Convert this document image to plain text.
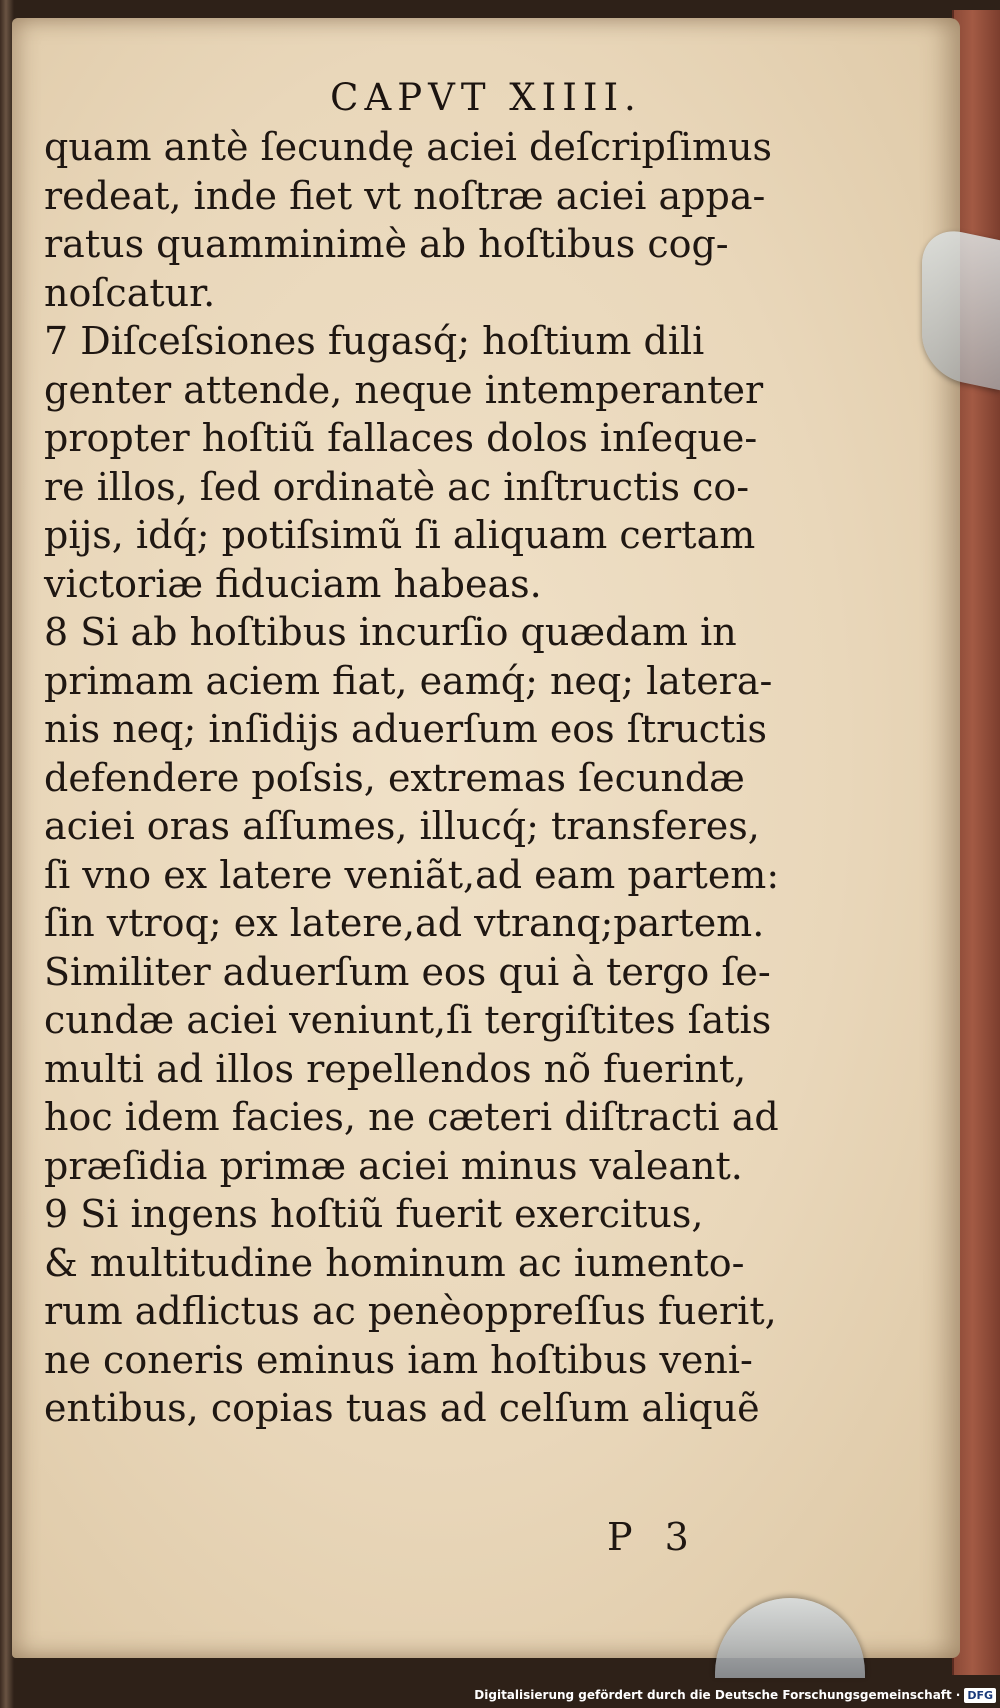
CAPVT XIIII.
quam antè ſecundę aciei deſcripſimus
redeat, inde fiet vt noſtræ aciei appa-
ratus quamminimè ab hoſtibus cog-
noſcatur.
7 Diſceſsiones fugasq́; hoſtium dili
genter attende, neque intemperanter
propter hoſtiũ fallaces dolos inſeque-
re illos, ſed ordinatè ac inſtructis co-
pijs, idq́; potiſsimũ ſi aliquam certam
victoriæ fiduciam habeas.
8 Si ab hoſtibus incurſio quædam in
primam aciem fiat, eamq́; neq; latera-
nis neq; inſidijs aduerſum eos ſtructis
defendere poſsis, extremas ſecundæ
aciei oras aſſumes, illucq́; transferes,
ſi vno ex latere veniãt,ad eam partem:
ſin vtroq; ex latere,ad vtranq;partem.
Similiter aduerſum eos qui à tergo ſe-
cundæ aciei veniunt,ſi tergiſtites ſatis
multi ad illos repellendos nõ fuerint,
hoc idem facies, ne cæteri diſtracti ad
præſidia primæ aciei minus valeant.
9 Si ingens hoſtiũ fuerit exercitus,
& multitudine hominum ac iumento-
rum adflictus ac penèoppreſſus fuerit,
ne coneris eminus iam hoſtibus veni-
entibus, copias tuas ad celſum aliquẽ
P 3
Digitalisierung gefördert durch die Deutsche Forschungsgemeinschaft · DFG
